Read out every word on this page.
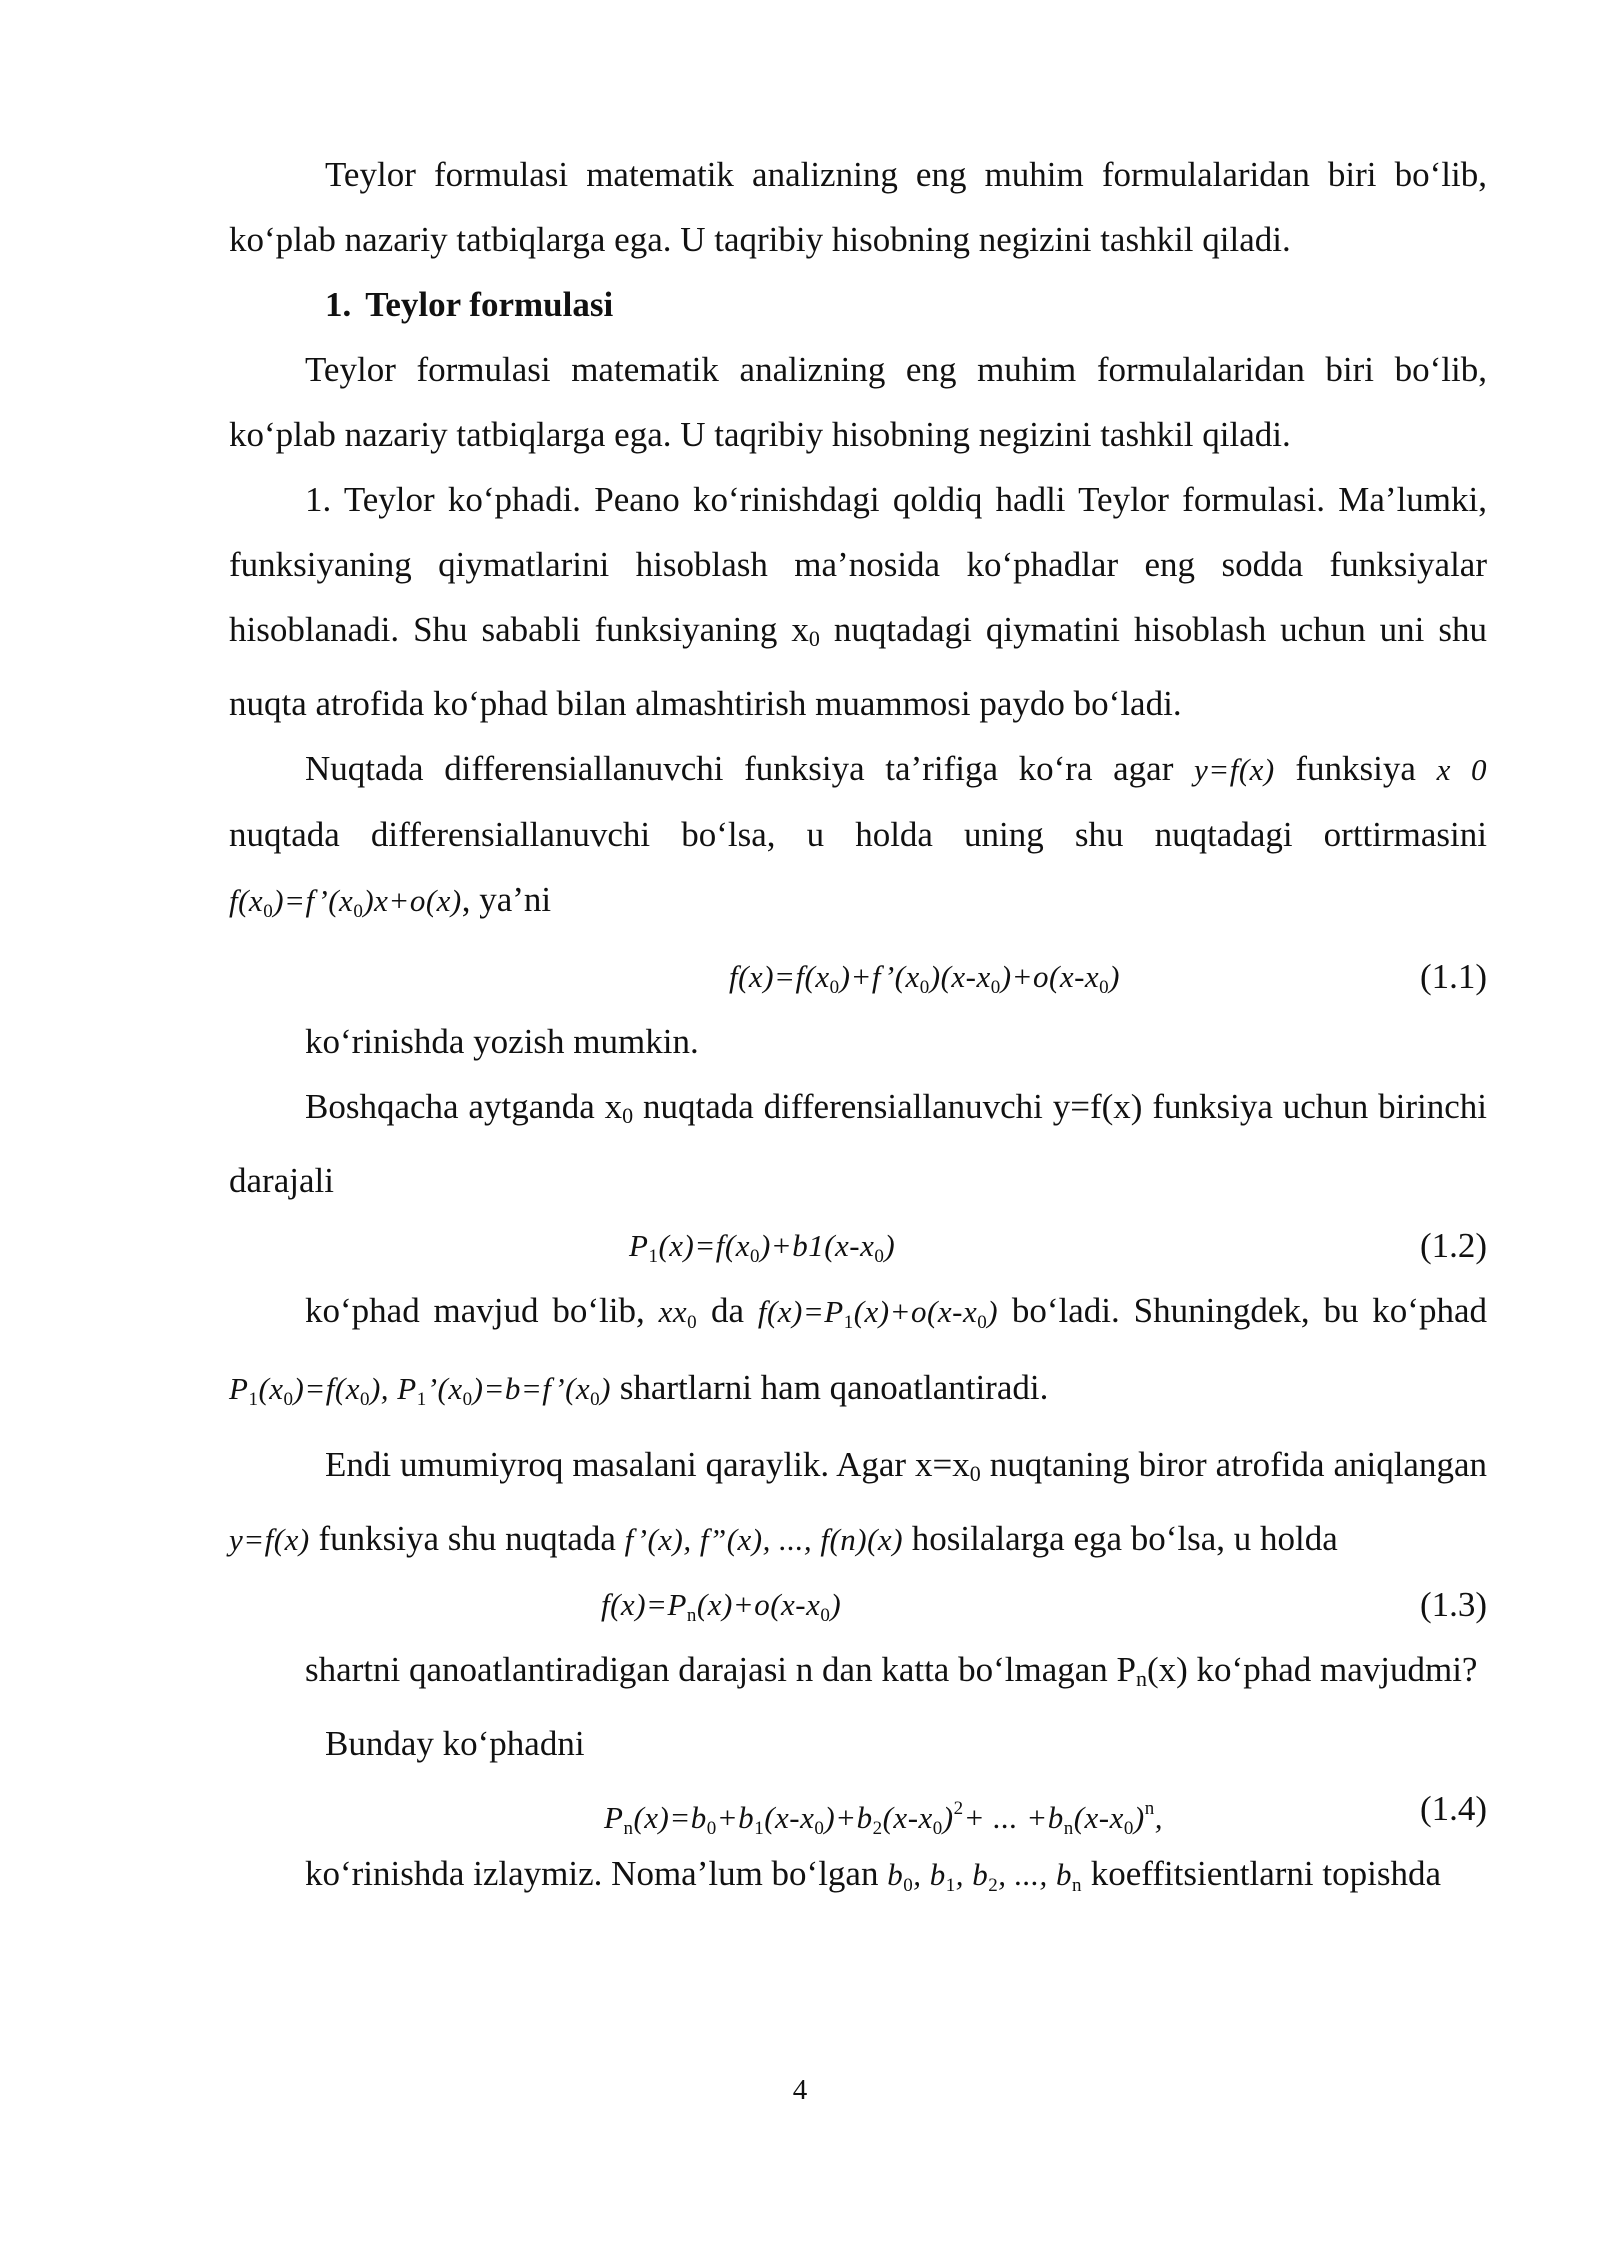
Teylor formulasi matematik analizning eng muhim formulalaridan biri bo‘lib, ko‘plab nazariy tatbiqlarga ega. U taqribiy hisobning negizini tashkil qiladi.

1. Teylor formulasi

Teylor formulasi matematik analizning eng muhim formulalaridan biri bo‘lib, ko‘plab nazariy tatbiqlarga ega. U taqribiy hisobning negizini tashkil qiladi.

1. Teylor ko‘phadi. Peano ko‘rinishdagi qoldiq hadli Teylor formulasi. Ma’lumki, funksiyaning qiymatlarini hisoblash ma’nosida ko‘phadlar eng sodda funksiyalar hisoblanadi. Shu sababli funksiyaning x0 nuqtadagi qiymatini hisoblash uchun uni shu nuqta atrofida ko‘phad bilan almashtirish muammosi paydo bo‘ladi.

Nuqtada differensiallanuvchi funksiya ta’rifiga ko‘ra agar y=f(x) funksiya x 0 nuqtada differensiallanuvchi bo‘lsa, u holda uning shu nuqtadagi orttirmasini $f(x_0)=f’(x_0)x+o(x)$, ya’ni

$f(x)=f(x_0)+f’(x_0)(x-x_0)+o(x-x_0)$	(1.1)

ko‘rinishda yozish mumkin.

Boshqacha aytganda x0 nuqtada differensiallanuvchi y=f(x) funksiya uchun birinchi darajali

$P_1(x)=f(x_0)+b1(x-x_0)$	(1.2)

ko‘phad mavjud bo‘lib, $xx_0$ da $f(x)=P_1(x)+o(x-x_0)$ bo‘ladi. Shuningdek, bu ko‘phad $P_1(x_0)=f(x_0)$, $P_1’(x_0)=b=f’(x_0)$ shartlarni ham qanoatlantiradi.

Endi umumiyroq masalani qaraylik. Agar x=x0 nuqtaning biror atrofida aniqlangan y=f(x) funksiya shu nuqtada f’(x), f”(x), ..., f(n)(x) hosilalarga ega bo‘lsa, u holda

$f(x)=P_n(x)+o(x-x_0)$	(1.3)

shartni qanoatlantiradigan darajasi n dan katta bo‘lmagan Pn(x) ko‘phad mavjudmi?

Bunday ko‘phadni

$P_n(x)=b_0+b_1(x-x_0)+b_2(x-x_0)^2+$ ... $+b_n(x-x_0)^n$,	(1.4)

ko‘rinishda izlaymiz. Noma’lum bo‘lgan $b_0$, $b_1$, $b_2$, ..., $b_n$ koeffitsientlarni topishda

4
